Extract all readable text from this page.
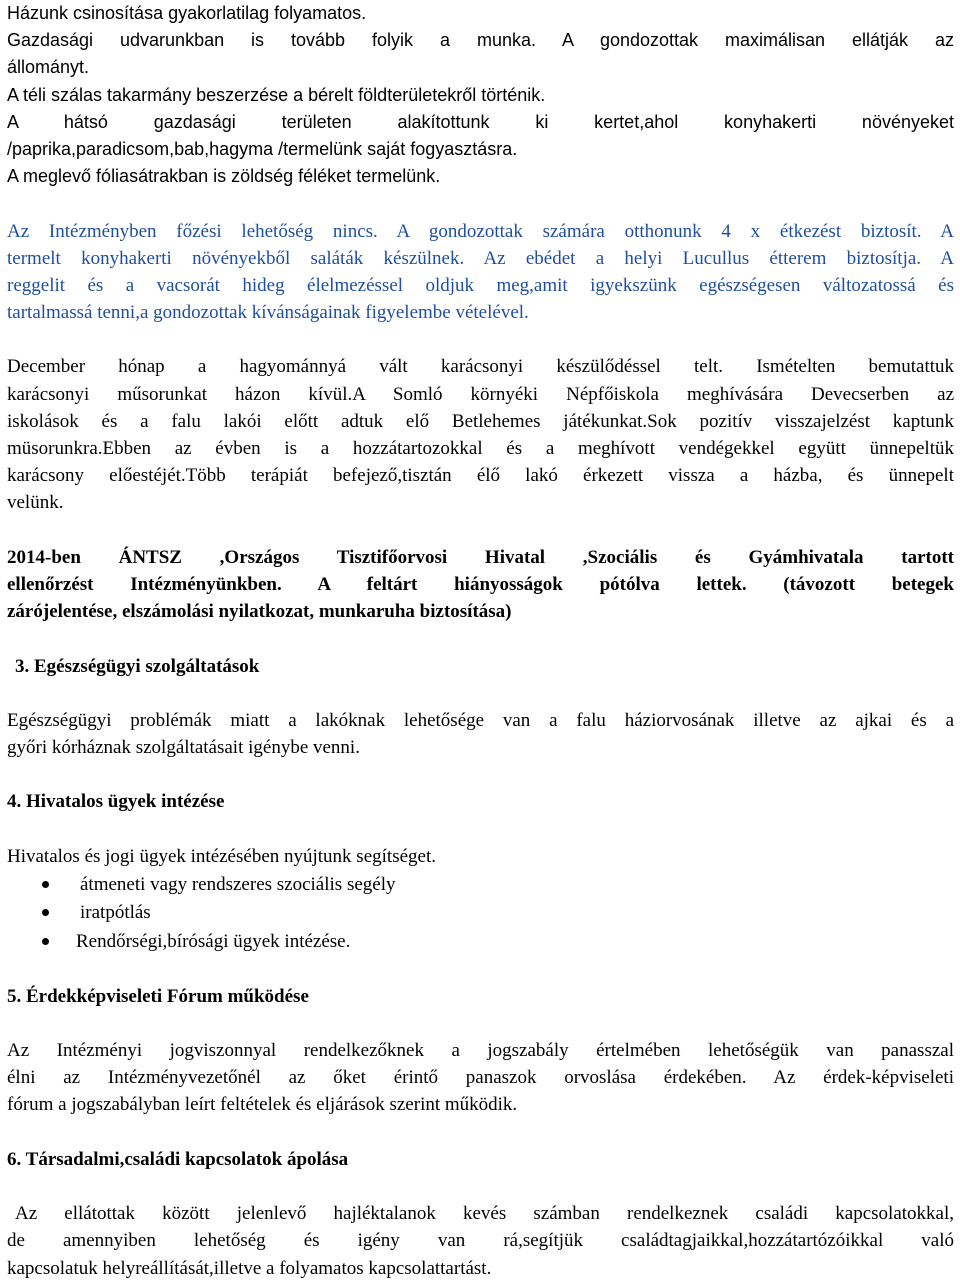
Házunk csinosítása gyakorlatilag folyamatos.
Gazdasági udvarunkban is tovább folyik a munka. A gondozottak maximálisan ellátják az
állományt.
A téli szálas takarmány beszerzése a bérelt földterületekről történik.
A hátsó gazdasági területen alakítottunk ki kertet,ahol konyhakerti növényeket
/paprika,paradicsom,bab,hagyma /termelünk saját fogyasztásra.
A meglevő fóliasátrakban is zöldség féléket termelünk.
Az Intézményben főzési lehetőség nincs. A gondozottak számára otthonunk 4 x étkezést biztosít. A
termelt konyhakerti növényekből saláták készülnek. Az ebédet a helyi Lucullus étterem biztosítja. A
reggelit és a vacsorát hideg élelmezéssel oldjuk meg,amit igyekszünk egészségesen változatossá és
tartalmassá tenni,a gondozottak kívánságainak figyelembe vételével.
December hónap a hagyománnyá vált karácsonyi készülődéssel telt. Ismételten bemutattuk
karácsonyi műsorunkat házon kívül.A Somló környéki Népfőiskola meghívására Devecserben az
iskolások és a falu lakói előtt adtuk elő Betlehemes játékunkat.Sok pozitív visszajelzést kaptunk
müsorunkra.Ebben az évben is a hozzátartozokkal és a meghívott vendégekkel együtt ünnepeltük
karácsony előestéjét.Több terápiát befejező,tisztán élő lakó érkezett vissza a házba, és ünnepelt
velünk.
2014-ben ÁNTSZ ,Országos Tisztifőorvosi Hivatal ,Szociális és Gyámhivatala tartott
ellenőrzést Intézményünkben. A feltárt hiányosságok pótólva lettek. (távozott betegek
zárójelentése, elszámolási nyilatkozat, munkaruha biztosítása)
3. Egészségügyi szolgáltatások
Egészségügyi problémák miatt a lakóknak lehetősége van a falu háziorvosának illetve az ajkai és a
győri kórháznak szolgáltatásait igénybe venni.
4. Hivatalos ügyek intézése
Hivatalos és jogi ügyek intézésében nyújtunk segítséget.
átmeneti vagy rendszeres szociális segély
iratpótlás
Rendőrségi,bírósági ügyek intézése.
5. Érdekképviseleti Fórum működése
Az Intézményi jogviszonnyal rendelkezőknek a jogszabály értelmében lehetőségük van panasszal
élni az Intézményvezetőnél az őket érintő panaszok orvoslása érdekében. Az érdek-képviseleti
fórum a jogszabályban leírt feltételek és eljárások szerint működik.
6. Társadalmi,családi kapcsolatok ápolása
Az ellátottak között jelenlevő hajléktalanok kevés számban rendelkeznek családi kapcsolatokkal,
de amennyiben lehetőség és igény van rá,segítjük családtagjaikkal,hozzátartózóikkal való
kapcsolatuk helyreállítását,illetve a folyamatos kapcsolattartást.
